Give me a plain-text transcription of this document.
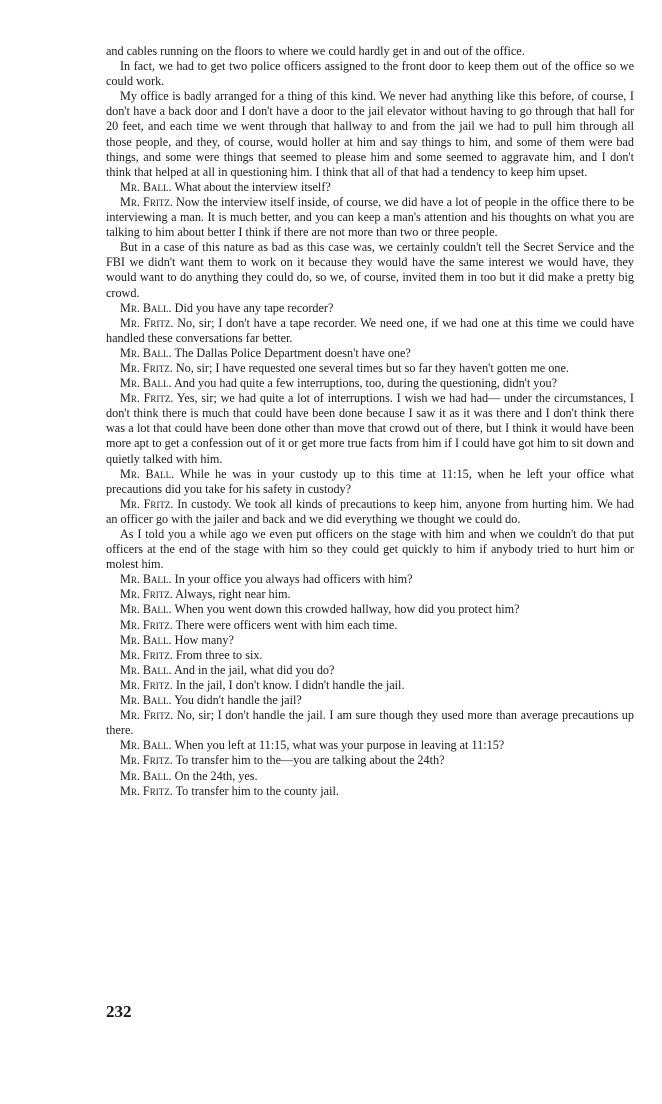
and cables running on the floors to where we could hardly get in and out of the office.

In fact, we had to get two police officers assigned to the front door to keep them out of the office so we could work.

My office is badly arranged for a thing of this kind. We never had anything like this before, of course, I don't have a back door and I don't have a door to the jail elevator without having to go through that hall for 20 feet, and each time we went through that hallway to and from the jail we had to pull him through all those people, and they, of course, would holler at him and say things to him, and some of them were bad things, and some were things that seemed to please him and some seemed to aggravate him, and I don't think that helped at all in questioning him. I think that all of that had a tendency to keep him upset.

Mr. Ball. What about the interview itself?

Mr. Fritz. Now the interview itself inside, of course, we did have a lot of people in the office there to be interviewing a man. It is much better, and you can keep a man's attention and his thoughts on what you are talking to him about better I think if there are not more than two or three people.

But in a case of this nature as bad as this case was, we certainly couldn't tell the Secret Service and the FBI we didn't want them to work on it because they would have the same interest we would have, they would want to do anything they could do, so we, of course, invited them in too but it did make a pretty big crowd.

Mr. Ball. Did you have any tape recorder?

Mr. Fritz. No, sir; I don't have a tape recorder. We need one, if we had one at this time we could have handled these conversations far better.

Mr. Ball. The Dallas Police Department doesn't have one?

Mr. Fritz. No, sir; I have requested one several times but so far they haven't gotten me one.

Mr. Ball. And you had quite a few interruptions, too, during the questioning, didn't you?

Mr. Fritz. Yes, sir; we had quite a lot of interruptions. I wish we had had— under the circumstances, I don't think there is much that could have been done because I saw it as it was there and I don't think there was a lot that could have been done other than move that crowd out of there, but I think it would have been more apt to get a confession out of it or get more true facts from him if I could have got him to sit down and quietly talked with him.

Mr. Ball. While he was in your custody up to this time at 11:15, when he left your office what precautions did you take for his safety in custody?

Mr. Fritz. In custody. We took all kinds of precautions to keep him, anyone from hurting him. We had an officer go with the jailer and back and we did everything we thought we could do.

As I told you a while ago we even put officers on the stage with him and when we couldn't do that put officers at the end of the stage with him so they could get quickly to him if anybody tried to hurt him or molest him.

Mr. Ball. In your office you always had officers with him?

Mr. Fritz. Always, right near him.

Mr. Ball. When you went down this crowded hallway, how did you protect him?

Mr. Fritz. There were officers went with him each time.

Mr. Ball. How many?

Mr. Fritz. From three to six.

Mr. Ball. And in the jail, what did you do?

Mr. Fritz. In the jail, I don't know. I didn't handle the jail.

Mr. Ball. You didn't handle the jail?

Mr. Fritz. No, sir; I don't handle the jail. I am sure though they used more than average precautions up there.

Mr. Ball. When you left at 11:15, what was your purpose in leaving at 11:15?

Mr. Fritz. To transfer him to the—you are talking about the 24th?

Mr. Ball. On the 24th, yes.

Mr. Fritz. To transfer him to the county jail.

232
